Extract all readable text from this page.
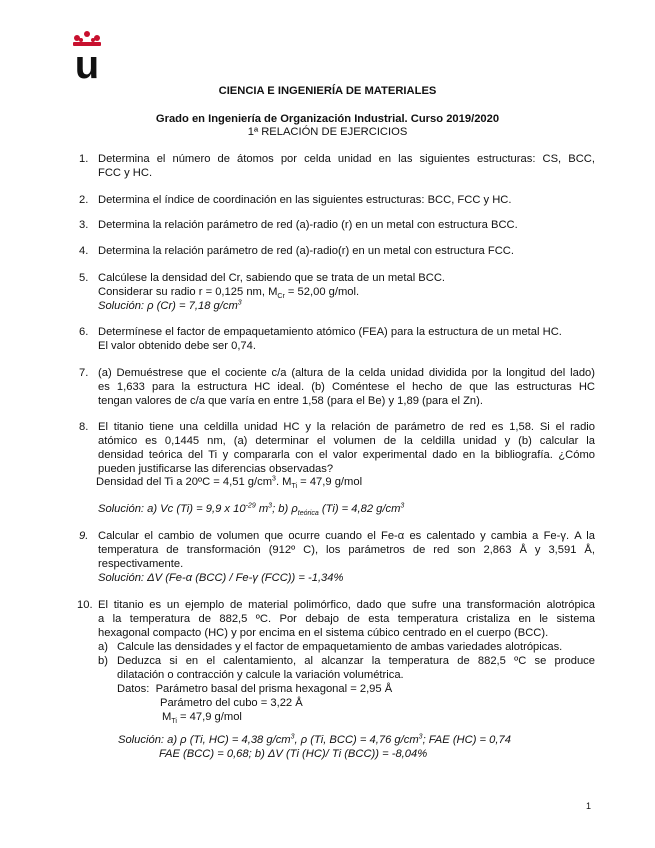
u
CIENCIA E INGENIERÍA DE MATERIALES
Grado en Ingeniería de Organización Industrial. Curso 2019/2020
1ª RELACIÓN DE EJERCICIOS
1. Determina el número de átomos por celda unidad en las siguientes estructuras: CS, BCC,
FCC y HC.
2. Determina el índice de coordinación en las siguientes estructuras: BCC, FCC y HC.
3. Determina la relación parámetro de red (a)-radio (r) en un metal con estructura BCC.
4. Determina la relación parámetro de red (a)-radio(r) en un metal con estructura FCC.
5. Calcúlese la densidad del Cr, sabiendo que se trata de un metal BCC.
Considerar su radio r = 0,125 nm, $M_{Cr} = 52,00$ g/mol.
Solución: ρ (Cr) = 7,18 $g/cm^3$
6. Determínese el factor de empaquetamiento atómico (FEA) para la estructura de un metal HC.
El valor obtenido debe ser 0,74.
7. (a) Demuéstrese que el cociente c/a (altura de la celda unidad dividida por la longitud del lado)
es 1,633 para la estructura HC ideal. (b) Coméntese el hecho de que las estructuras HC
tengan valores de c/a que varía en entre 1,58 (para el Be) y 1,89 (para el Zn).
8. El titanio tiene una celdilla unidad HC y la relación de parámetro de red es 1,58. Si el radio
atómico es 0,1445 nm, (a) determinar el volumen de la celdilla unidad y (b) calcular la
densidad teórica del Ti y compararla con el valor experimental dado en la bibliografía. ¿Cómo
pueden justificarse las diferencias observadas?
Densidad del Ti a 20ºC = 4,51 $g/cm^3$. $M_{Ti} = 47,9$ g/mol
Solución: a) Vc (Ti) = 9,9 x $10^{-29}$ $m^3$; b) $\rho_{teórica}$ (Ti) = 4,82 $g/cm^3$
9. Calcular el cambio de volumen que ocurre cuando el Fe-α es calentado y cambia a Fe-γ. A la
temperatura de transformación (912º C), los parámetros de red son 2,863 Å y 3,591 Å,
respectivamente.
Solución: ΔV (Fe-α (BCC) / Fe-γ (FCC)) = -1,34%
10. El titanio es un ejemplo de material polimórfico, dado que sufre una transformación alotrópica
a la temperatura de 882,5 ºC. Por debajo de esta temperatura cristaliza en le sistema
hexagonal compacto (HC) y por encima en el sistema cúbico centrado en el cuerpo (BCC).
a) Calcule las densidades y el factor de empaquetamiento de ambas variedades alotrópicas.
b) Deduzca si en el calentamiento, al alcanzar la temperatura de 882,5 ºC se produce
dilatación o contracción y calcule la variación volumétrica.
Datos: Parámetro basal del prisma hexagonal = 2,95 Å
Parámetro del cubo = 3,22 Å
$M_{Ti} = 47,9$ g/mol
Solución: a) ρ (Ti, HC) = 4,38 $g/cm^3$, ρ (Ti, BCC) = 4,76 $g/cm^3$; FAE (HC) = 0,74
FAE (BCC) = 0,68; b) ΔV (Ti (HC)/ Ti (BCC)) = -8,04%
1
